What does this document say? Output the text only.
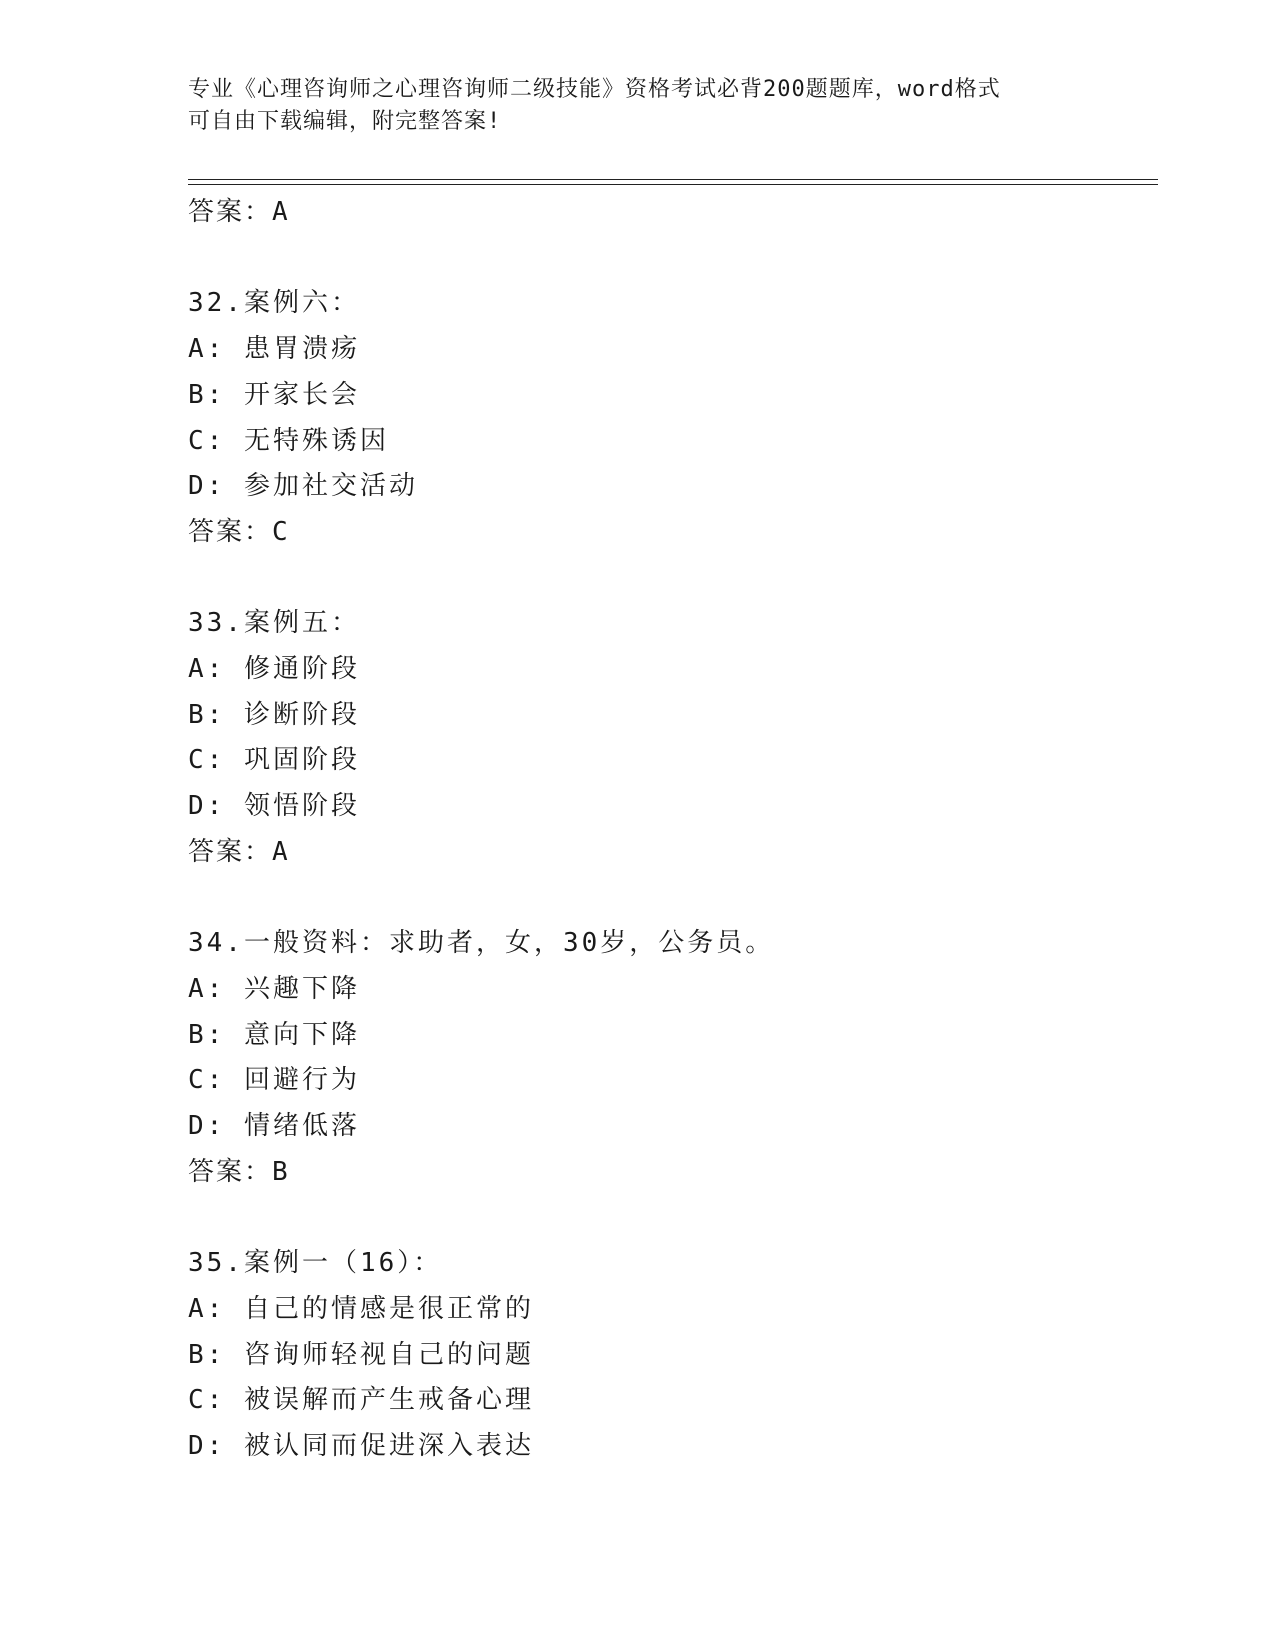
专业《心理咨询师之心理咨询师二级技能》资格考试必背200题题库，word格式
可自由下载编辑，附完整答案!

答案：A

32.案例六：

A: 患胃溃疡

B: 开家长会

C: 无特殊诱因

D: 参加社交活动

答案：C

33.案例五：

A: 修通阶段

B: 诊断阶段

C: 巩固阶段

D: 领悟阶段

答案：A

34.一般资料：求助者，女，30岁，公务员。

A: 兴趣下降

B: 意向下降

C: 回避行为

D: 情绪低落

答案：B

35.案例一（16）：

A: 自己的情感是很正常的

B: 咨询师轻视自己的问题

C: 被误解而产生戒备心理

D: 被认同而促进深入表达
